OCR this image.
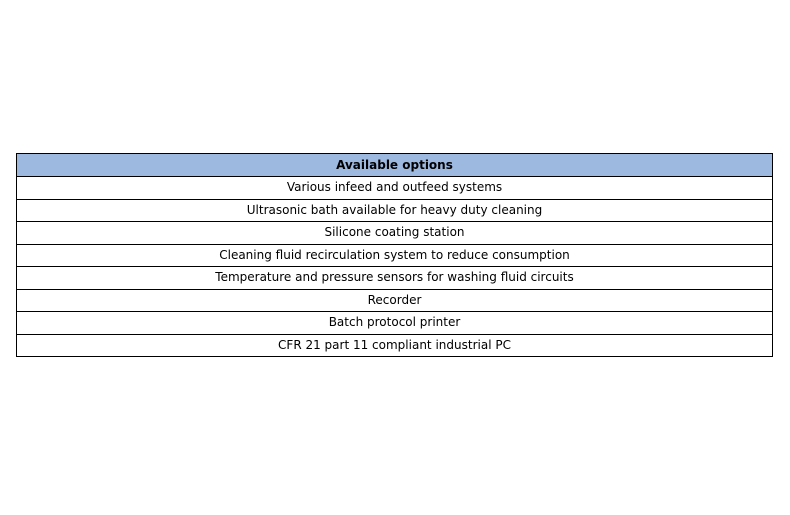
Available options
Various infeed and outfeed systems
Ultrasonic bath available for heavy duty cleaning
Silicone coating station
Cleaning fluid recirculation system to reduce consumption
Temperature and pressure sensors for washing fluid circuits
Recorder
Batch protocol printer
CFR 21 part 11 compliant industrial PC
